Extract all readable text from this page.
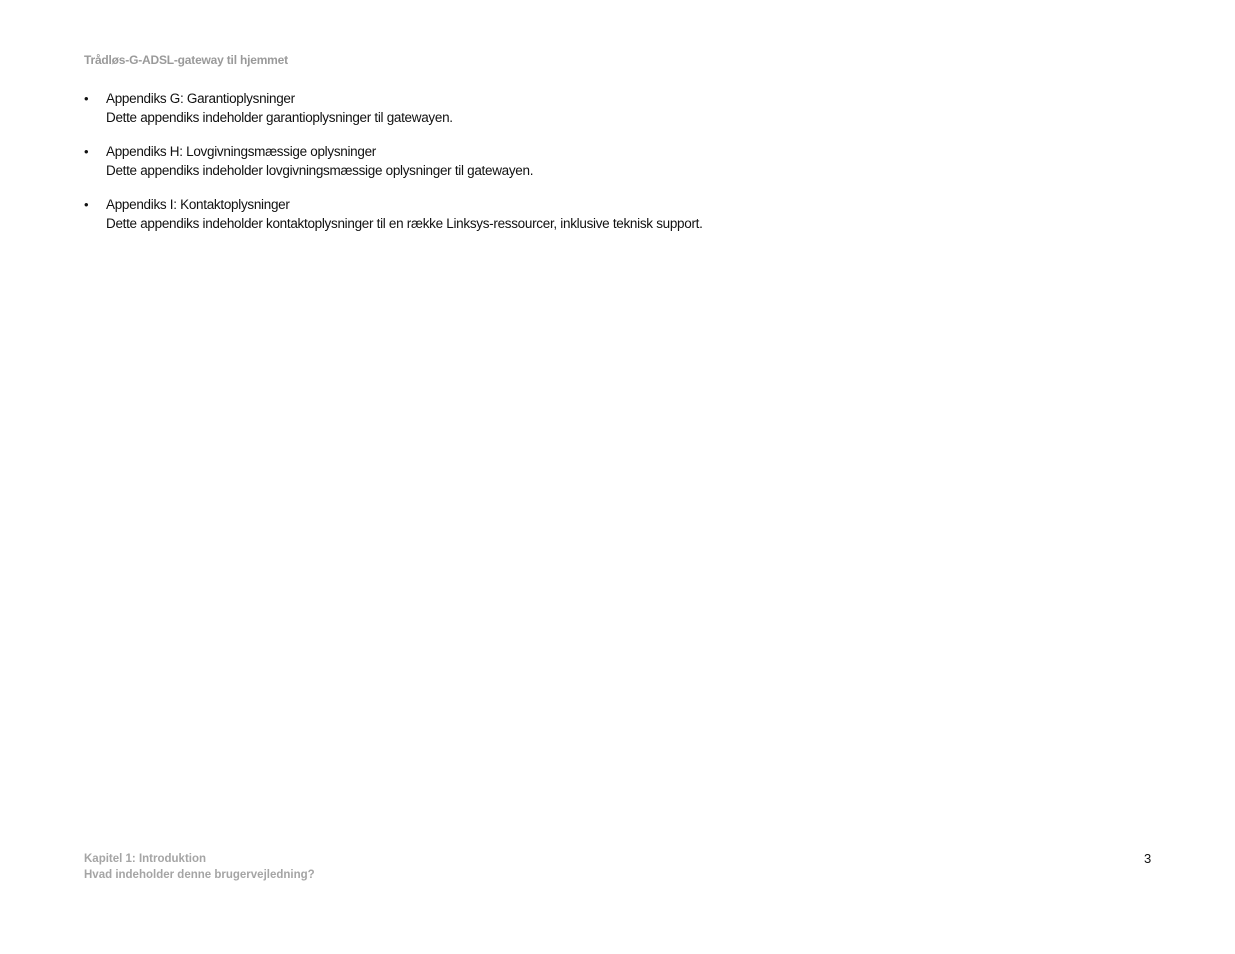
Trådløs-G-ADSL-gateway til hjemmet
• Appendiks G: Garantioplysninger
Dette appendiks indeholder garantioplysninger til gatewayen.
• Appendiks H: Lovgivningsmæssige oplysninger
Dette appendiks indeholder lovgivningsmæssige oplysninger til gatewayen.
• Appendiks I: Kontaktoplysninger
Dette appendiks indeholder kontaktoplysninger til en række Linksys-ressourcer, inklusive teknisk support.
Kapitel 1: Introduktion
Hvad indeholder denne brugervejledning?
3
